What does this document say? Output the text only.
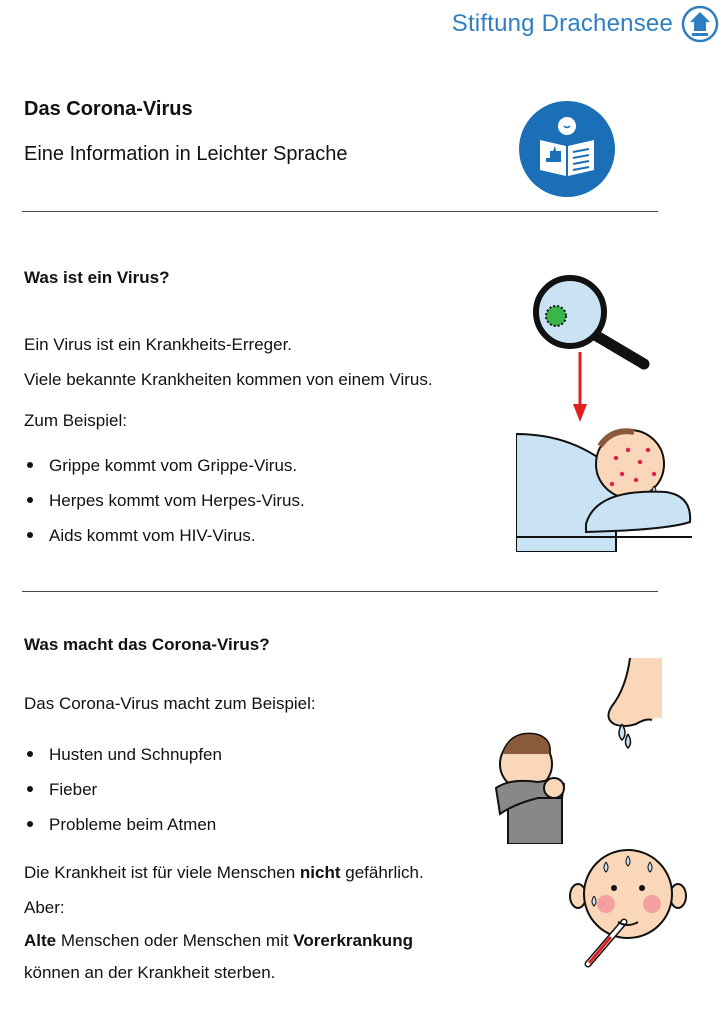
Stiftung Drachensee
Das Corona-Virus

Eine Information in Leichter Sprache

Was ist ein Virus?

Ein Virus ist ein Krankheits-Erreger.

Viele bekannte Krankheiten kommen von einem Virus.

Zum Beispiel:

Grippe kommt vom Grippe-Virus.
Herpes kommt vom Herpes-Virus.
Aids kommt vom HIV-Virus.
Was macht das Corona-Virus?

Das Corona-Virus macht zum Beispiel:

Husten und Schnupfen
Fieber
Probleme beim Atmen

Die Krankheit ist für viele Menschen nicht gefährlich.

Aber:

Alte Menschen oder Menschen mit Vorerkrankung

können an der Krankheit sterben.
